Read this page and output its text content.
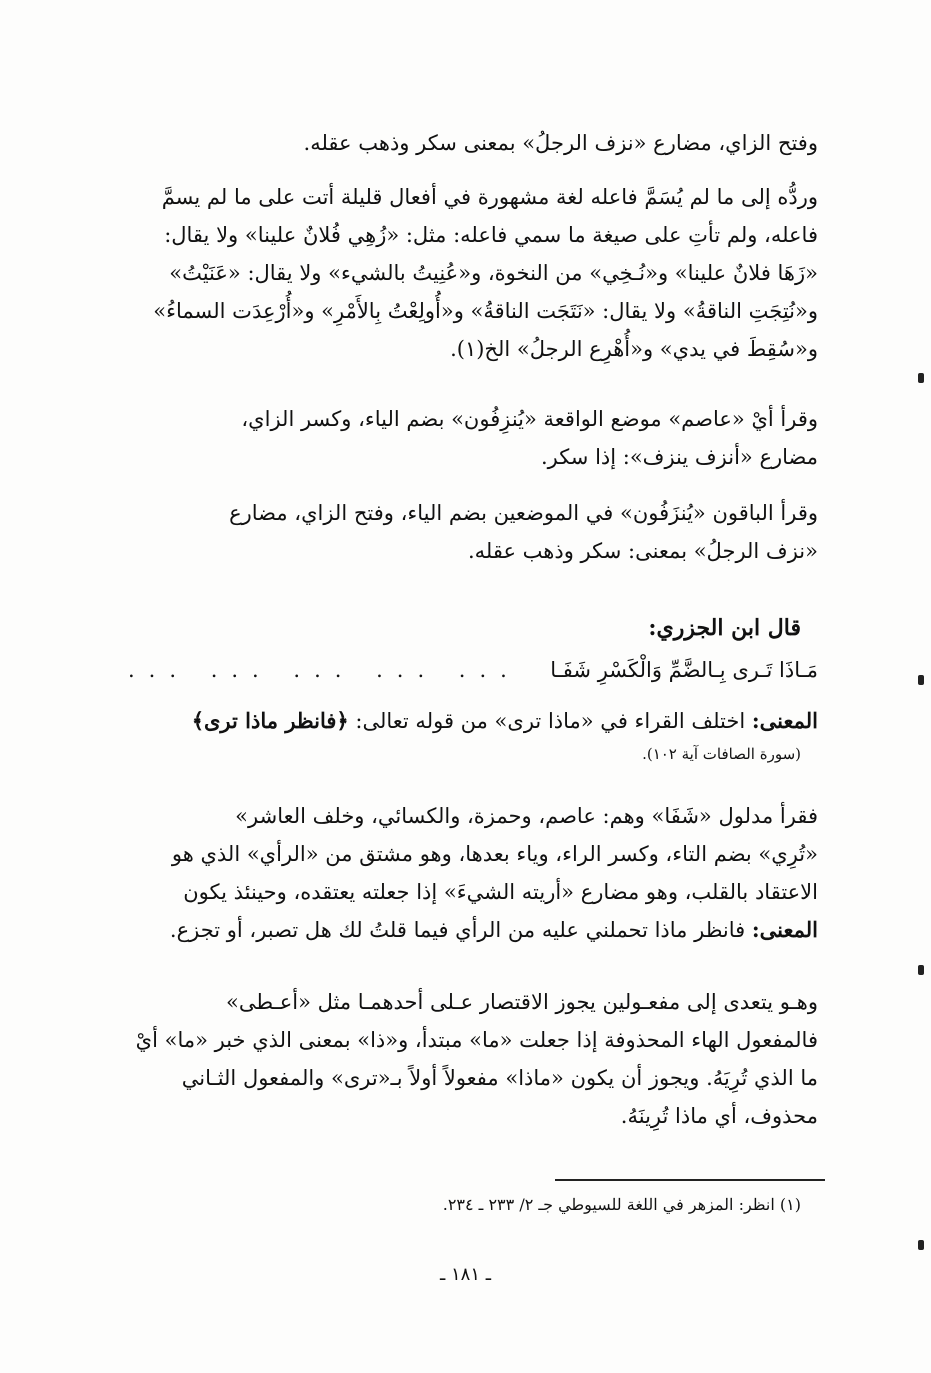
وفتح الزاي، مضارع «نزف الرجلُ» بمعنى سكر وذهب عقله.

وردُّه إلى ما لم يُسَمَّ فاعله لغة مشهورة في أفعال قليلة أتت على ما لم يسمَّ

فاعله، ولم تأتِ على صيغة ما سمي فاعله: مثل: «زُهِي فُلانٌ علينا» ولا يقال:

«زَهَا فلانٌ علينا» و«نُـخِي» من النخوة، و«عُنِيتُ بالشيء» ولا يقال: «عَنَيْتُ»

و«نُتِجَتِ الناقةُ» ولا يقال: «نَتَجَت الناقةُ» و«أُولِعْتُ بِالأَمْرِ» و«أُرْعِدَت السماءُ»

و«سُقِطَ في يدي» و«أُهْرِع الرجلُ» الخ(١).

وقرأ أيْ «عاصم» موضع الواقعة «يُنزِفُون» بضم الياء، وكسر الزاي،

مضارع «أنزف ينزف»: إذا سكر.

وقرأ الباقون «يُنزَفُون» في الموضعين بضم الياء، وفتح الزاي، مضارع

«نزف الرجلُ» بمعنى: سكر وذهب عقله.

قال ابن الجزري:
مَـاذَا تَـرى بِـالضَّمِّ وَالْكَسْرِ شَفَـا
... ... ... ... ...
المعنى: اختلف القراء في «ماذا ترى» من قوله تعالى: ﴿فانظر ماذا ترى﴾
(سورة الصافات آية ١٠٢).

فقرأ مدلول «شَفَا» وهم: عاصم، وحمزة، والكسائي، وخلف العاشر»

«تُرِي» بضم التاء، وكسر الراء، وياء بعدها، وهو مشتق من «الرأي» الذي هو

الاعتقاد بالقلب، وهو مضارع «أريته الشيءَ» إذا جعلته يعتقده، وحينئذ يكون

المعنى: فانظر ماذا تحملني عليه من الرأي فيما قلتُ لك هل تصبر، أو تجزع.

وهـو يتعدى إلى مفعـولين يجوز الاقتصار عـلى أحدهمـا مثل «أعـطى»

فالمفعول الهاء المحذوفة إذا جعلت «ما» مبتدأ، و«ذا» بمعنى الذي خبر «ما» أيْ

ما الذي تُرِيَهُ. ويجوز أن يكون «ماذا» مفعولاً أولاً بـ«ترى» والمفعول الثـاني

محذوف، أي ماذا تُرِينَهُ.

(١) انظر: المزهر في اللغة للسيوطي جـ ٢/ ٢٣٣ ـ ٢٣٤.
ـ ١٨١ ـ
